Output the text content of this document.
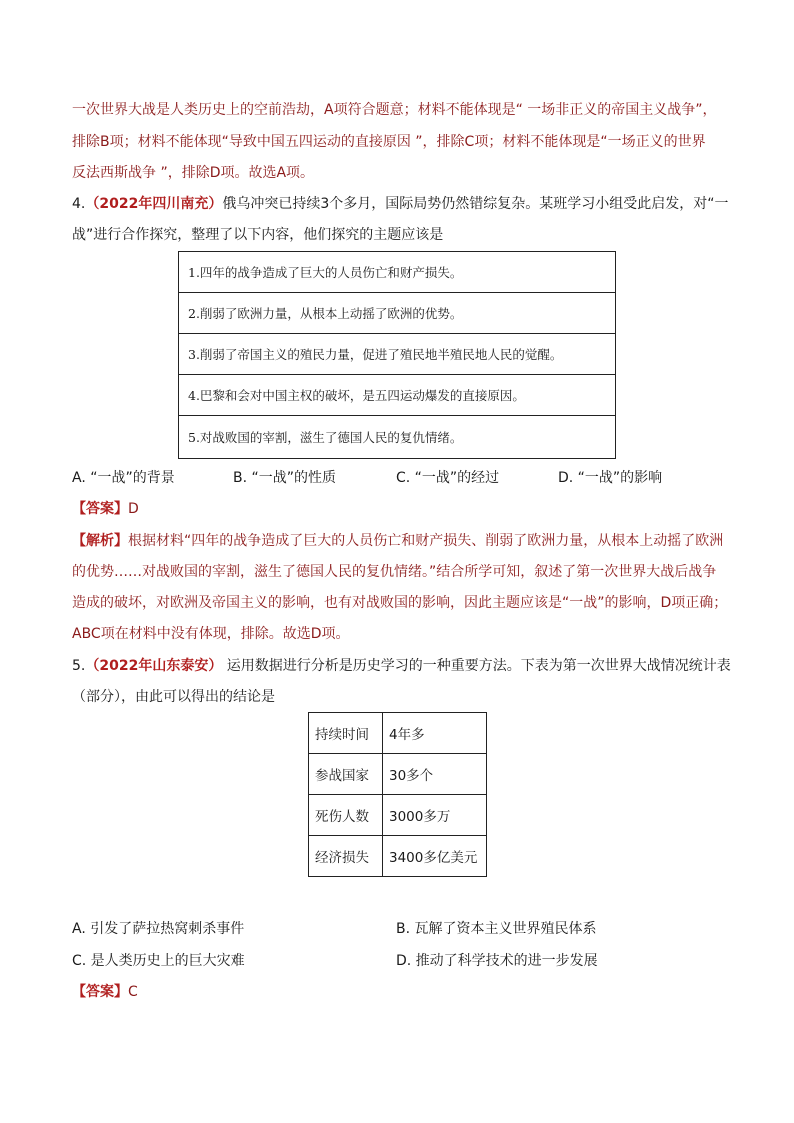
一次世界大战是人类历史上的空前浩劫，A项符合题意；材料不能体现是“ 一场非正义的帝国主义战争”，
排除B项；材料不能体现“导致中国五四运动的直接原因 ”，排除C项；材料不能体现是“一场正义的世界
反法西斯战争 ”，排除D项。故选A项。
4.（2022年四川南充）俄乌冲突已持续3个多月，国际局势仍然错综复杂。某班学习小组受此启发，对“一
战”进行合作探究，整理了以下内容，他们探究的主题应该是
1.四年的战争造成了巨大的人员伤亡和财产损失。
2.削弱了欧洲力量，从根本上动摇了欧洲的优势。
3.削弱了帝国主义的殖民力量，促进了殖民地半殖民地人民的觉醒。
4.巴黎和会对中国主权的破坏，是五四运动爆发的直接原因。
5.对战败国的宰割，滋生了德国人民的复仇情绪。
A. “一战”的背景	B. “一战”的性质	C. “一战”的经过	D. “一战”的影响
【答案】D
【解析】根据材料“四年的战争造成了巨大的人员伤亡和财产损失、削弱了欧洲力量，从根本上动摇了欧洲
的优势……对战败国的宰割，滋生了德国人民的复仇情绪。”结合所学可知，叙述了第一次世界大战后战争
造成的破坏，对欧洲及帝国主义的影响，也有对战败国的影响，因此主题应该是“一战”的影响，D项正确；
ABC项在材料中没有体现，排除。故选D项。
5.（2022年山东泰安） 运用数据进行分析是历史学习的一种重要方法。下表为第一次世界大战情况统计表
（部分），由此可以得出的结论是
持续时间	4年多
参战国家	30多个
死伤人数	3000多万
经济损失	3400多亿美元
A. 引发了萨拉热窝刺杀事件	B. 瓦解了资本主义世界殖民体系
C. 是人类历史上的巨大灾难	D. 推动了科学技术的进一步发展
【答案】C
